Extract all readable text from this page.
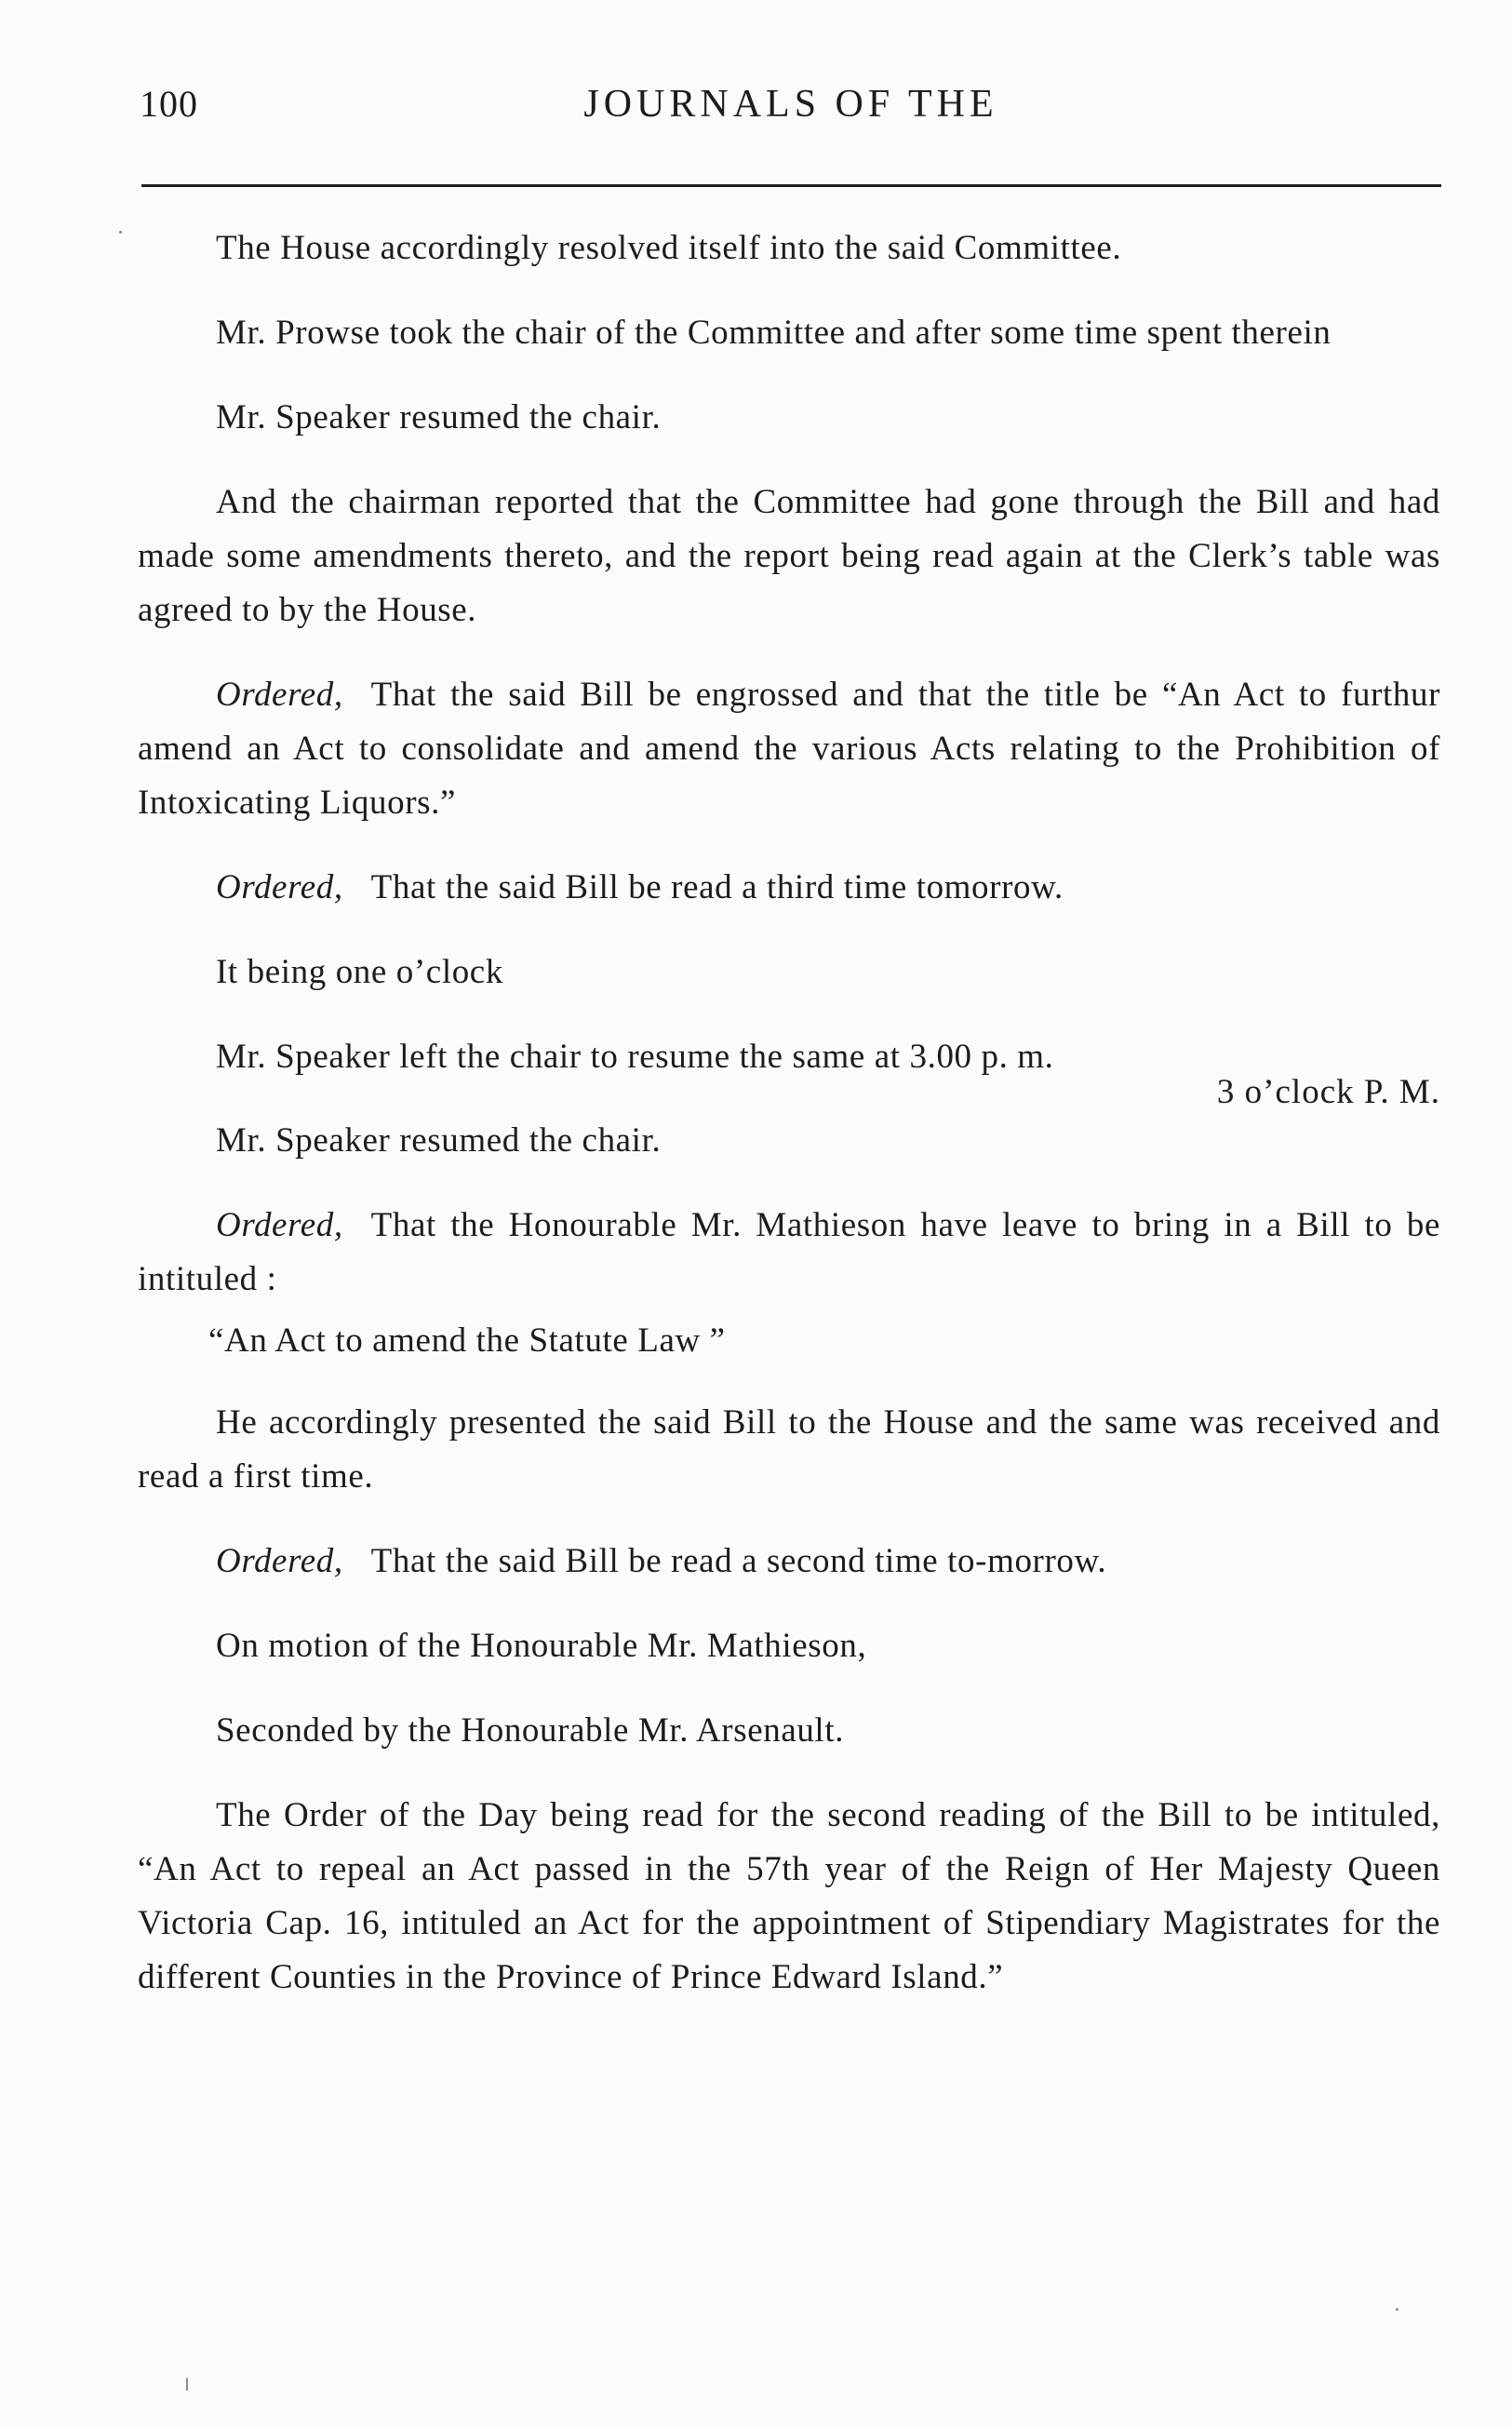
100	JOURNALS OF THE

The House accordingly resolved itself into the said Committee.

Mr. Prowse took the chair of the Committee and after some time spent therein

Mr. Speaker resumed the chair.

And the chairman reported that the Committee had gone through the Bill and had made some amendments thereto, and the report being read again at the Clerk’s table was agreed to by the House.

Ordered, That the said Bill be engrossed and that the title be “An Act to furthur amend an Act to consolidate and amend the various Acts relating to the Prohibition of Intoxicating Liquors.”

Ordered, That the said Bill be read a third time tomorrow.

It being one o’clock

Mr. Speaker left the chair to resume the same at 3.00 p. m.

3 o’clock P. M.

Mr. Speaker resumed the chair.

Ordered, That the Honourable Mr. Mathieson have leave to bring in a Bill to be intituled :

“An Act to amend the Statute Law ”

He accordingly presented the said Bill to the House and the same was received and read a first time.

Ordered, That the said Bill be read a second time to-morrow.

On motion of the Honourable Mr. Mathieson,

Seconded by the Honourable Mr. Arsenault.

The Order of the Day being read for the second reading of the Bill to be intituled, “An Act to repeal an Act passed in the 57th year of the Reign of Her Majesty Queen Victoria Cap. 16, intituled an Act for the appointment of Stipendiary Magistrates for the different Counties in the Province of Prince Edward Island.”
